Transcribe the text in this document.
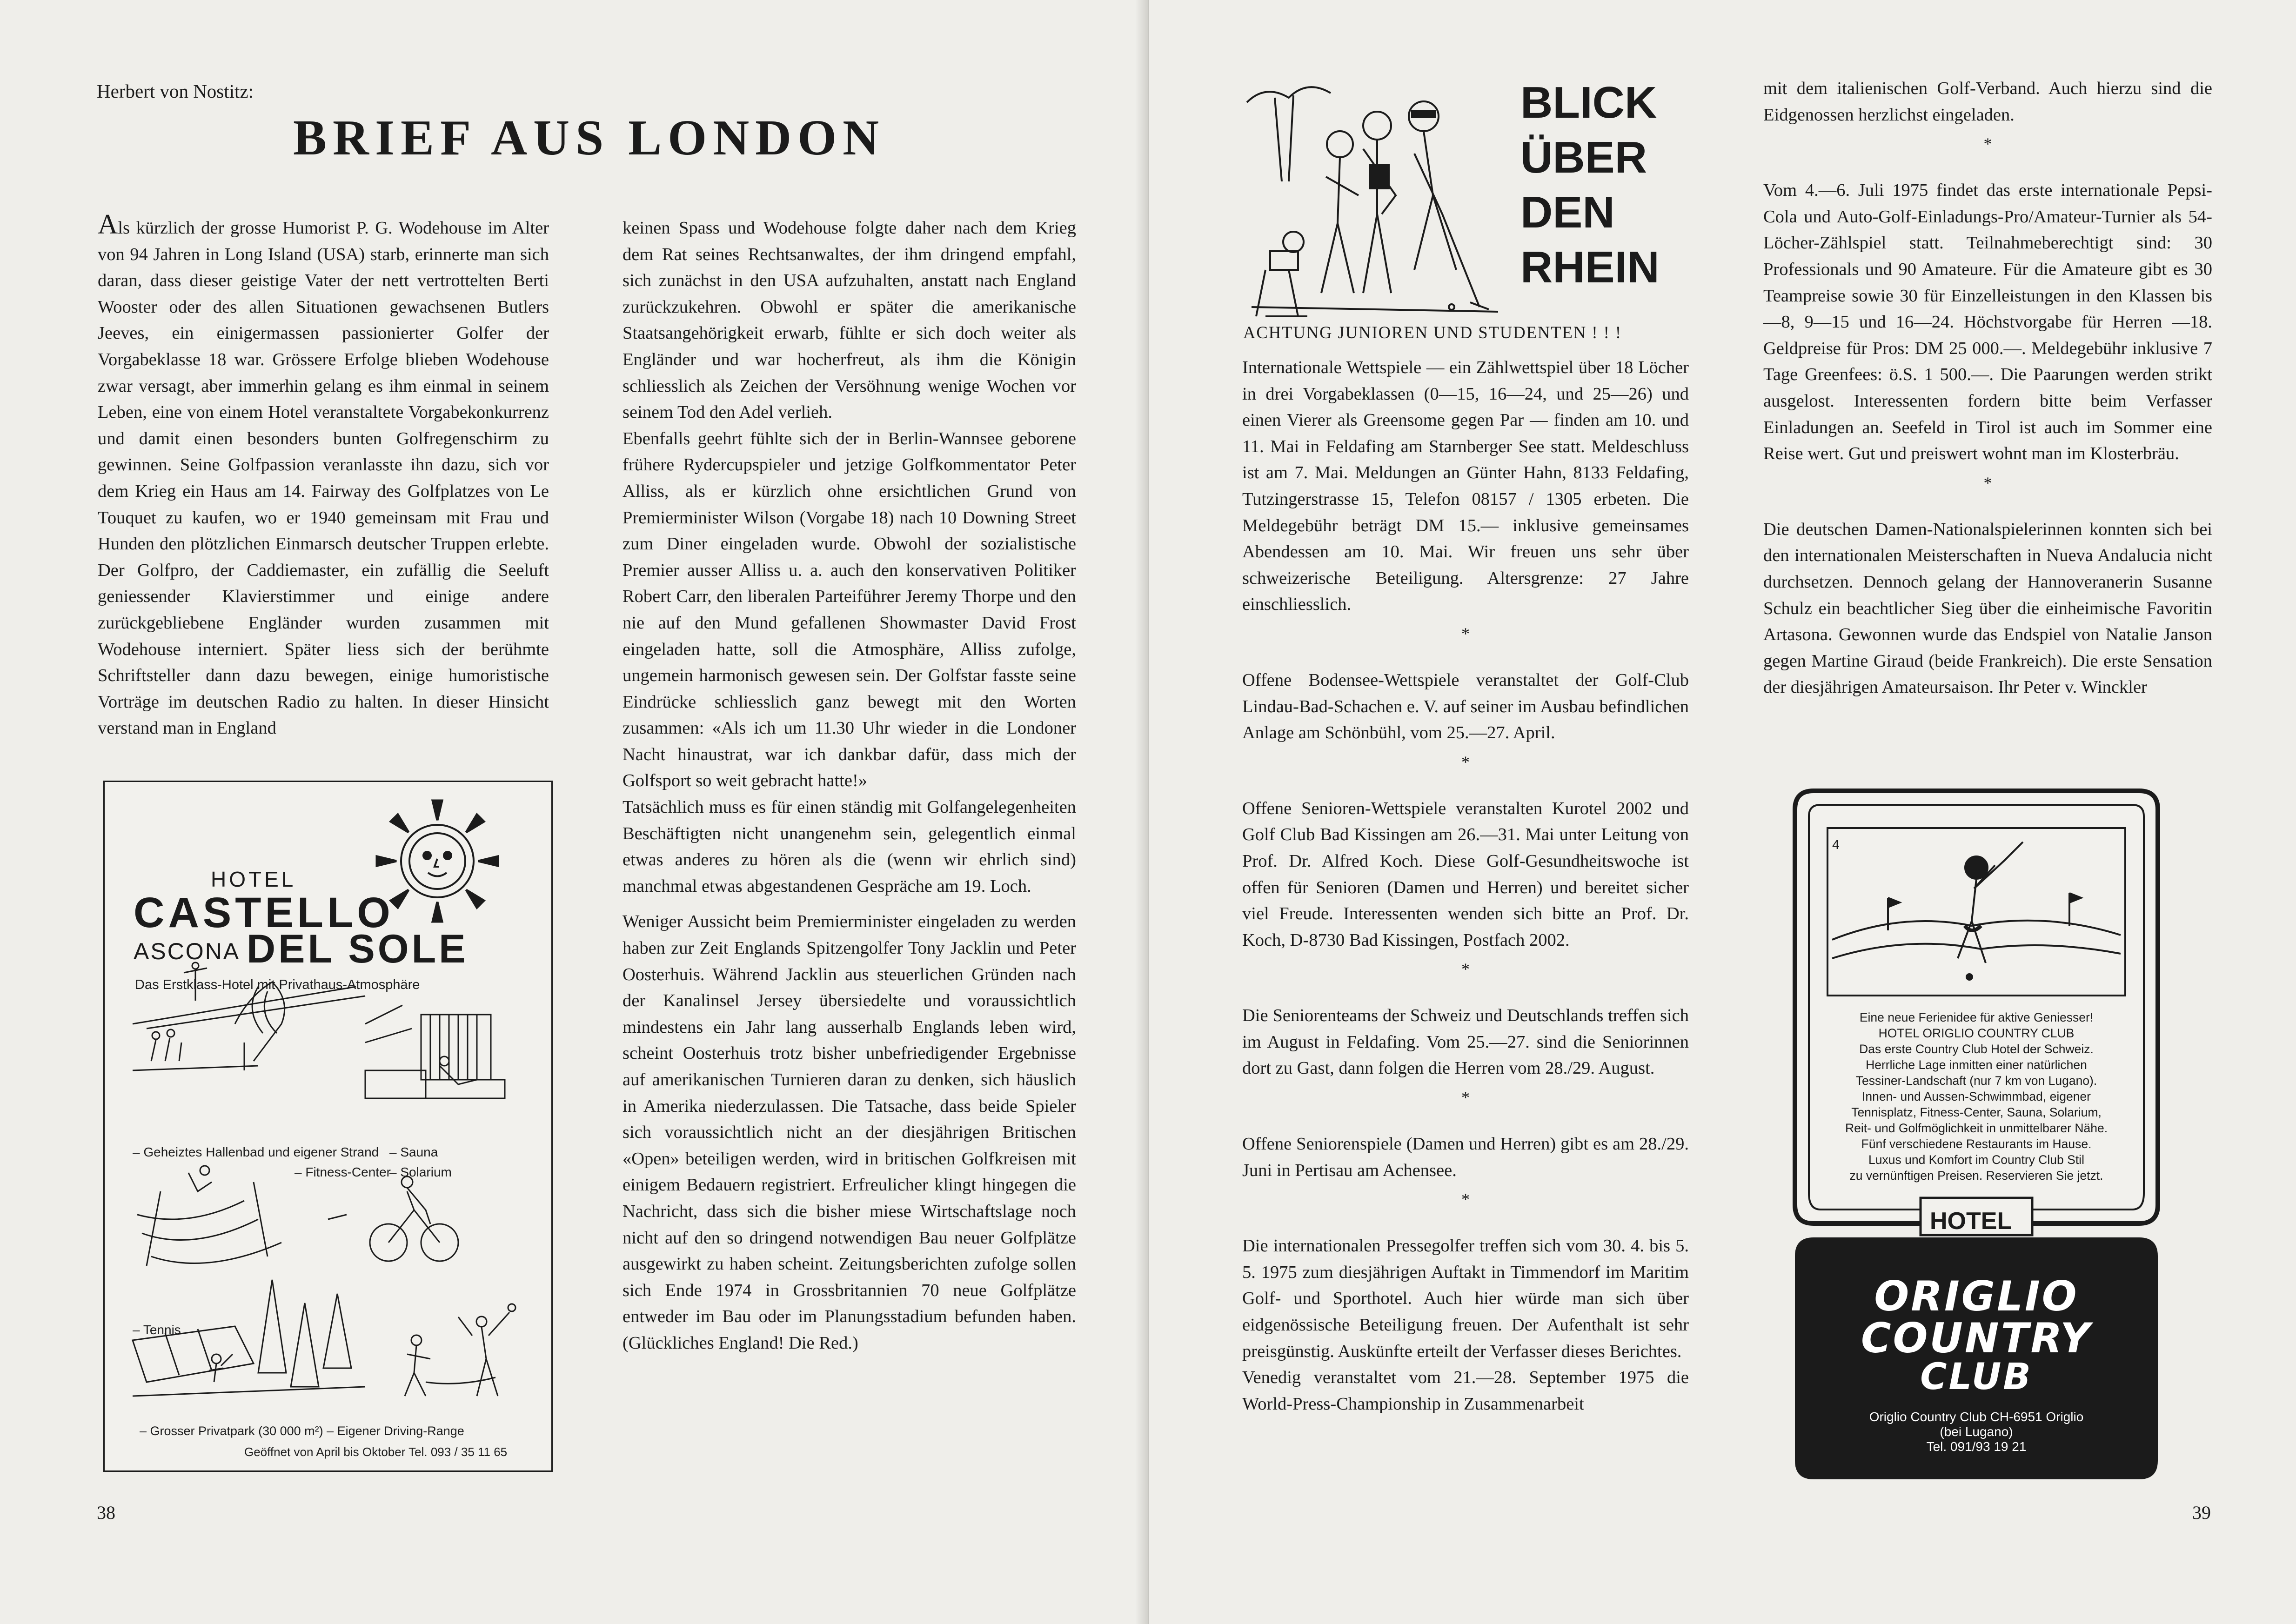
Herbert von Nostitz:
BRIEF AUS LONDON

Als kürzlich der grosse Humorist P. G. Wodehouse im Alter von 94 Jahren in Long Island (USA) starb, erinnerte man sich daran, dass dieser geistige Vater der nett vertrottelten Berti Wooster oder des allen Situationen gewachsenen Butlers Jeeves, ein einigermassen passionierter Golfer der Vorgabeklasse 18 war. Grössere Erfolge blieben Wodehouse zwar versagt, aber immerhin gelang es ihm einmal in seinem Leben, eine von einem Hotel veranstaltete Vorgabekonkurrenz und damit einen besonders bunten Golfregenschirm zu gewinnen. Seine Golfpassion veranlasste ihn dazu, sich vor dem Krieg ein Haus am 14. Fairway des Golfplatzes von Le Touquet zu kaufen, wo er 1940 gemeinsam mit Frau und Hunden den plötzlichen Einmarsch deutscher Truppen erlebte. Der Golfpro, der Caddiemaster, ein zufällig die Seeluft geniessender Klavierstimmer und einige andere zurückgebliebene Engländer wurden zusammen mit Wodehouse interniert. Später liess sich der berühmte Schriftsteller dann dazu bewegen, einige humoristische Vorträge im deutschen Radio zu halten. In dieser Hinsicht verstand man in England

keinen Spass und Wodehouse folgte daher nach dem Krieg dem Rat seines Rechtsanwaltes, der ihm dringend empfahl, sich zunächst in den USA aufzuhalten, anstatt nach England zurückzukehren. Obwohl er später die amerikanische Staatsangehörigkeit erwarb, fühlte er sich doch weiter als Engländer und war hocherfreut, als ihm die Königin schliesslich als Zeichen der Versöhnung wenige Wochen vor seinem Tod den Adel verlieh.

Ebenfalls geehrt fühlte sich der in Berlin-Wannsee geborene frühere Rydercupspieler und jetzige Golfkommentator Peter Alliss, als er kürzlich ohne ersichtlichen Grund von Premierminister Wilson (Vorgabe 18) nach 10 Downing Street zum Diner eingeladen wurde. Obwohl der sozialistische Premier ausser Alliss u. a. auch den konservativen Politiker Robert Carr, den liberalen Parteiführer Jeremy Thorpe und den nie auf den Mund gefallenen Showmaster David Frost eingeladen hatte, soll die Atmosphäre, Alliss zufolge, ungemein harmonisch gewesen sein. Der Golfstar fasste seine Eindrücke schliesslich ganz bewegt mit den Worten zusammen: «Als ich um 11.30 Uhr wieder in die Londoner Nacht hinaustrat, war ich dankbar dafür, dass mich der Golfsport so weit gebracht hatte!»

Tatsächlich muss es für einen ständig mit Golfangelegenheiten Beschäftigten nicht unangenehm sein, gelegentlich einmal etwas anderes zu hören als die (wenn wir ehrlich sind) manchmal etwas abgestandenen Gespräche am 19. Loch.

Weniger Aussicht beim Premierminister eingeladen zu werden haben zur Zeit Englands Spitzengolfer Tony Jacklin und Peter Oosterhuis. Während Jacklin aus steuerlichen Gründen nach der Kanalinsel Jersey übersiedelte und voraussichtlich mindestens ein Jahr lang ausserhalb Englands leben wird, scheint Oosterhuis trotz bisher unbefriedigender Ergebnisse auf amerikanischen Turnieren daran zu denken, sich häuslich in Amerika niederzulassen. Die Tatsache, dass beide Spieler sich voraussichtlich nicht an der diesjährigen Britischen «Open» beteiligen werden, wird in britischen Golfkreisen mit einigem Bedauern registriert. Erfreulicher klingt hingegen die Nachricht, dass sich die bisher miese Wirtschaftslage noch nicht auf den so dringend notwendigen Bau neuer Golfplätze ausgewirkt zu haben scheint. Zeitungsberichten zufolge sollen sich Ende 1974 in Grossbritannien 70 neue Golfplätze entweder im Bau oder im Planungsstadium befunden haben. (Glückliches England! Die Red.)

HOTEL
CASTELLO
ASCONA DEL SOLE
Das Erstklass-Hotel mit Privathaus-Atmosphäre
– Geheiztes Hallenbad und eigener Strand – Sauna
– Fitness-Center
– Solarium
– Tennis
– Grosser Privatpark (30 000 m²) – Eigener Driving-Range
Geöffnet von April bis Oktober Tel. 093 / 35 11 65
38
BLICK
ÜBER
DEN
RHEIN
ACHTUNG JUNIOREN UND STUDENTEN ! ! !

Internationale Wettspiele — ein Zählwettspiel über 18 Löcher in drei Vorgabeklassen (0—15, 16—24, und 25—26) und einen Vierer als Greensome gegen Par — finden am 10. und 11. Mai in Feldafing am Starnberger See statt. Meldeschluss ist am 7. Mai. Meldungen an Günter Hahn, 8133 Feldafing, Tutzingerstrasse 15, Telefon 08157 / 1305 erbeten. Die Meldegebühr beträgt DM 15.— inklusive gemeinsames Abendessen am 10. Mai. Wir freuen uns sehr über schweizerische Beteiligung. Altersgrenze: 27 Jahre einschliesslich.

*

Offene Bodensee-Wettspiele veranstaltet der Golf-Club Lindau-Bad-Schachen e. V. auf seiner im Ausbau befindlichen Anlage am Schönbühl, vom 25.—27. April.

*

Offene Senioren-Wettspiele veranstalten Kurotel 2002 und Golf Club Bad Kissingen am 26.—31. Mai unter Leitung von Prof. Dr. Alfred Koch. Diese Golf-Gesundheitswoche ist offen für Senioren (Damen und Herren) und bereitet sicher viel Freude. Interessenten wenden sich bitte an Prof. Dr. Koch, D-8730 Bad Kissingen, Postfach 2002.

*

Die Seniorenteams der Schweiz und Deutschlands treffen sich im August in Feldafing. Vom 25.—27. sind die Seniorinnen dort zu Gast, dann folgen die Herren vom 28./29. August.

*

Offene Seniorenspiele (Damen und Herren) gibt es am 28./29. Juni in Pertisau am Achensee.

*

Die internationalen Pressegolfer treffen sich vom 30. 4. bis 5. 5. 1975 zum diesjährigen Auftakt in Timmendorf im Maritim Golf- und Sporthotel. Auch hier würde man sich über eidgenössische Beteiligung freuen. Der Aufenthalt ist sehr preisgünstig. Auskünfte erteilt der Verfasser dieses Berichtes.

Venedig veranstaltet vom 21.—28. September 1975 die World-Press-Championship in Zusammenarbeit

mit dem italienischen Golf-Verband. Auch hierzu sind die Eidgenossen herzlichst eingeladen.

*

Vom 4.—6. Juli 1975 findet das erste internationale Pepsi-Cola und Auto-Golf-Einladungs-Pro/Amateur-Turnier als 54-Löcher-Zählspiel statt. Teilnahmeberechtigt sind: 30 Professionals und 90 Amateure. Für die Amateure gibt es 30 Teampreise sowie 30 für Einzelleistungen in den Klassen bis —8, 9—15 und 16—24. Höchstvorgabe für Herren —18. Geldpreise für Pros: DM 25 000.—. Meldegebühr inklusive 7 Tage Greenfees: ö.S. 1 500.—. Die Paarungen werden strikt ausgelost. Interessenten fordern bitte beim Verfasser Einladungen an. Seefeld in Tirol ist auch im Sommer eine Reise wert. Gut und preiswert wohnt man im Klosterbräu.

*

Die deutschen Damen-Nationalspielerinnen konnten sich bei den internationalen Meisterschaften in Nueva Andalucia nicht durchsetzen. Dennoch gelang der Hannoveranerin Susanne Schulz ein beachtlicher Sieg über die einheimische Favoritin Artasona. Gewonnen wurde das Endspiel von Natalie Janson gegen Martine Giraud (beide Frankreich). Die erste Sensation der diesjährigen Amateursaison. Ihr Peter v. Winckler

4
Eine neue Ferienidee für aktive Geniesser!
HOTEL ORIGLIO COUNTRY CLUB
Das erste Country Club Hotel der Schweiz.
Herrliche Lage inmitten einer natürlichen
Tessiner-Landschaft (nur 7 km von Lugano).
Innen- und Aussen-Schwimmbad, eigener
Tennisplatz, Fitness-Center, Sauna, Solarium,
Reit- und Golfmöglichkeit in unmittelbarer Nähe.
Fünf verschiedene Restaurants im Hause.
Luxus und Komfort im Country Club Stil
zu vernünftigen Preisen. Reservieren Sie jetzt.
HOTEL
ORIGLIO
COUNTRY
CLUB
Origlio Country Club CH-6951 Origlio
(bei Lugano)
Tel. 091/93 19 21
39
